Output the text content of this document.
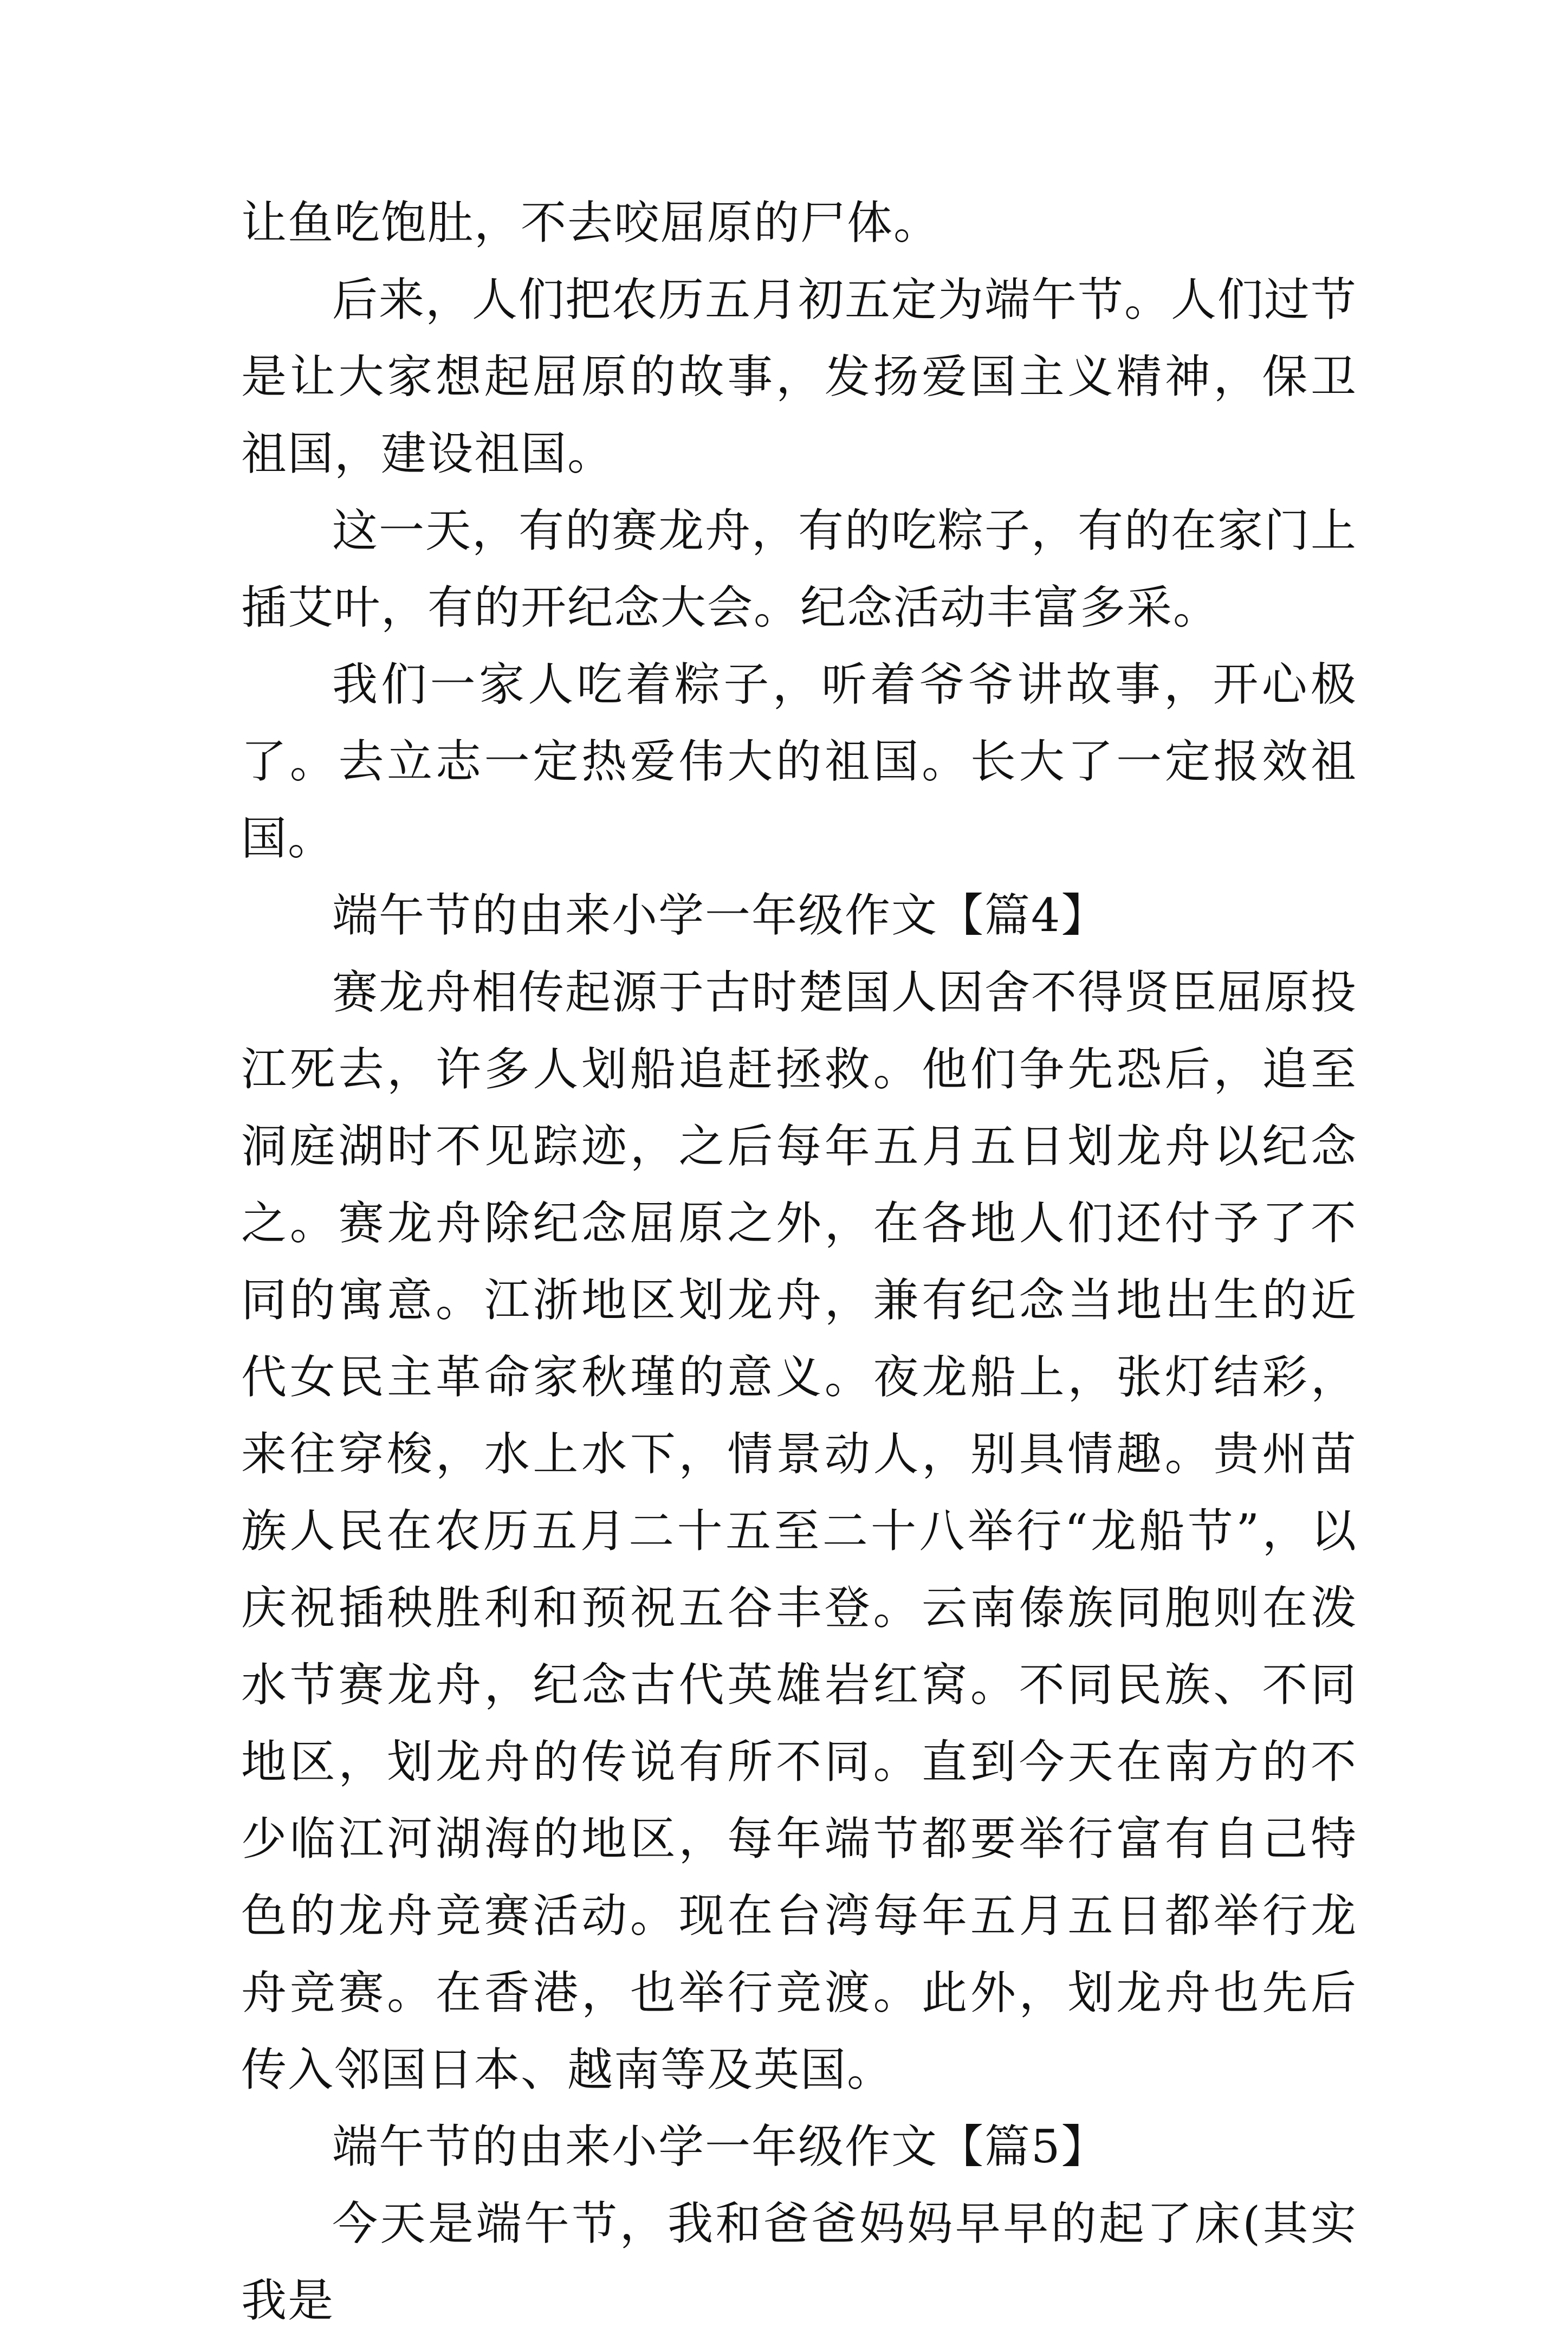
让鱼吃饱肚，不去咬屈原的尸体。

后来，人们把农历五月初五定为端午节。人们过节是让大家想起屈原的故事，发扬爱国主义精神，保卫祖国，建设祖国。

这一天，有的赛龙舟，有的吃粽子，有的在家门上插艾叶，有的开纪念大会。纪念活动丰富多采。

我们一家人吃着粽子，听着爷爷讲故事，开心极了。去立志一定热爱伟大的祖国。长大了一定报效祖国。

端午节的由来小学一年级作文【篇4】

赛龙舟相传起源于古时楚国人因舍不得贤臣屈原投江死去，许多人划船追赶拯救。他们争先恐后，追至洞庭湖时不见踪迹，之后每年五月五日划龙舟以纪念之。赛龙舟除纪念屈原之外，在各地人们还付予了不同的寓意。江浙地区划龙舟，兼有纪念当地出生的近代女民主革命家秋瑾的意义。夜龙船上，张灯结彩，来往穿梭，水上水下，情景动人，别具情趣。贵州苗族人民在农历五月二十五至二十八举行“龙船节”，以庆祝插秧胜利和预祝五谷丰登。云南傣族同胞则在泼水节赛龙舟，纪念古代英雄岩红窝。不同民族、不同地区，划龙舟的传说有所不同。直到今天在南方的不少临江河湖海的地区，每年端节都要举行富有自己特色的龙舟竞赛活动。现在台湾每年五月五日都举行龙舟竞赛。在香港，也举行竞渡。此外，划龙舟也先后传入邻国日本、越南等及英国。

端午节的由来小学一年级作文【篇5】

今天是端午节，我和爸爸妈妈早早的起了床(其实我是
